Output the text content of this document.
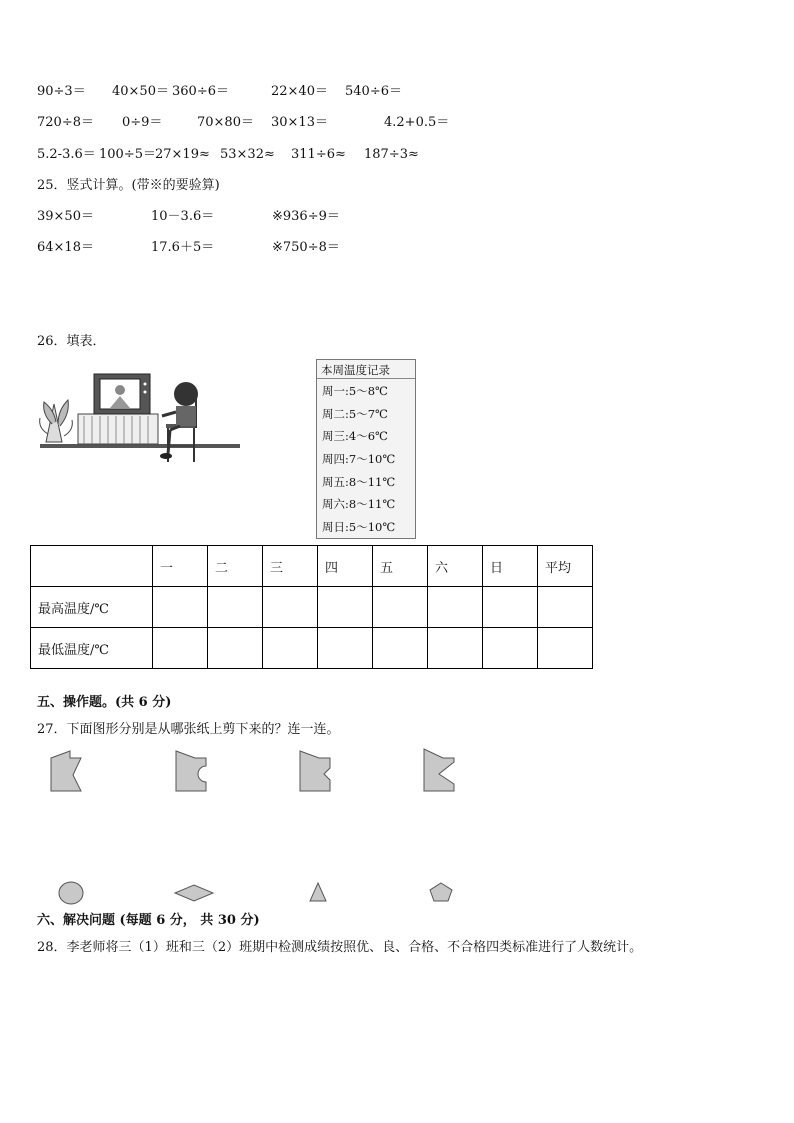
90÷3＝ 40×50＝ 360÷6＝	22×40＝ 540÷6＝
720÷8＝ 0÷9＝	70×80＝ 30×13＝	4.2+0.5＝
5.2-3.6＝ 100÷5＝ 27×19≈ 53×32≈ 311÷6≈ 187÷3≈
25．竖式计算。(带※的要验算)
39×50＝	10－3.6＝	※936÷9＝
64×18＝	17.6＋5＝	※750÷8＝
26．填表．
本周温度记录
周一:5～8℃
周二:5～7℃
周三:4～6℃
周四:7～10℃
周五:8～11℃
周六:8～11℃
周日:5～10℃
	一	二	三	四	五	六	日	平均
最高温度/℃								
最低温度/℃								
五、操作题。(共 6 分)
27．下面图形分别是从哪张纸上剪下来的？连一连。
六、解决问题 (每题 6 分， 共 30 分)
28．李老师将三（1）班和三（2）班期中检测成绩按照优、良、合格、不合格四类标准进行了人数统计。
